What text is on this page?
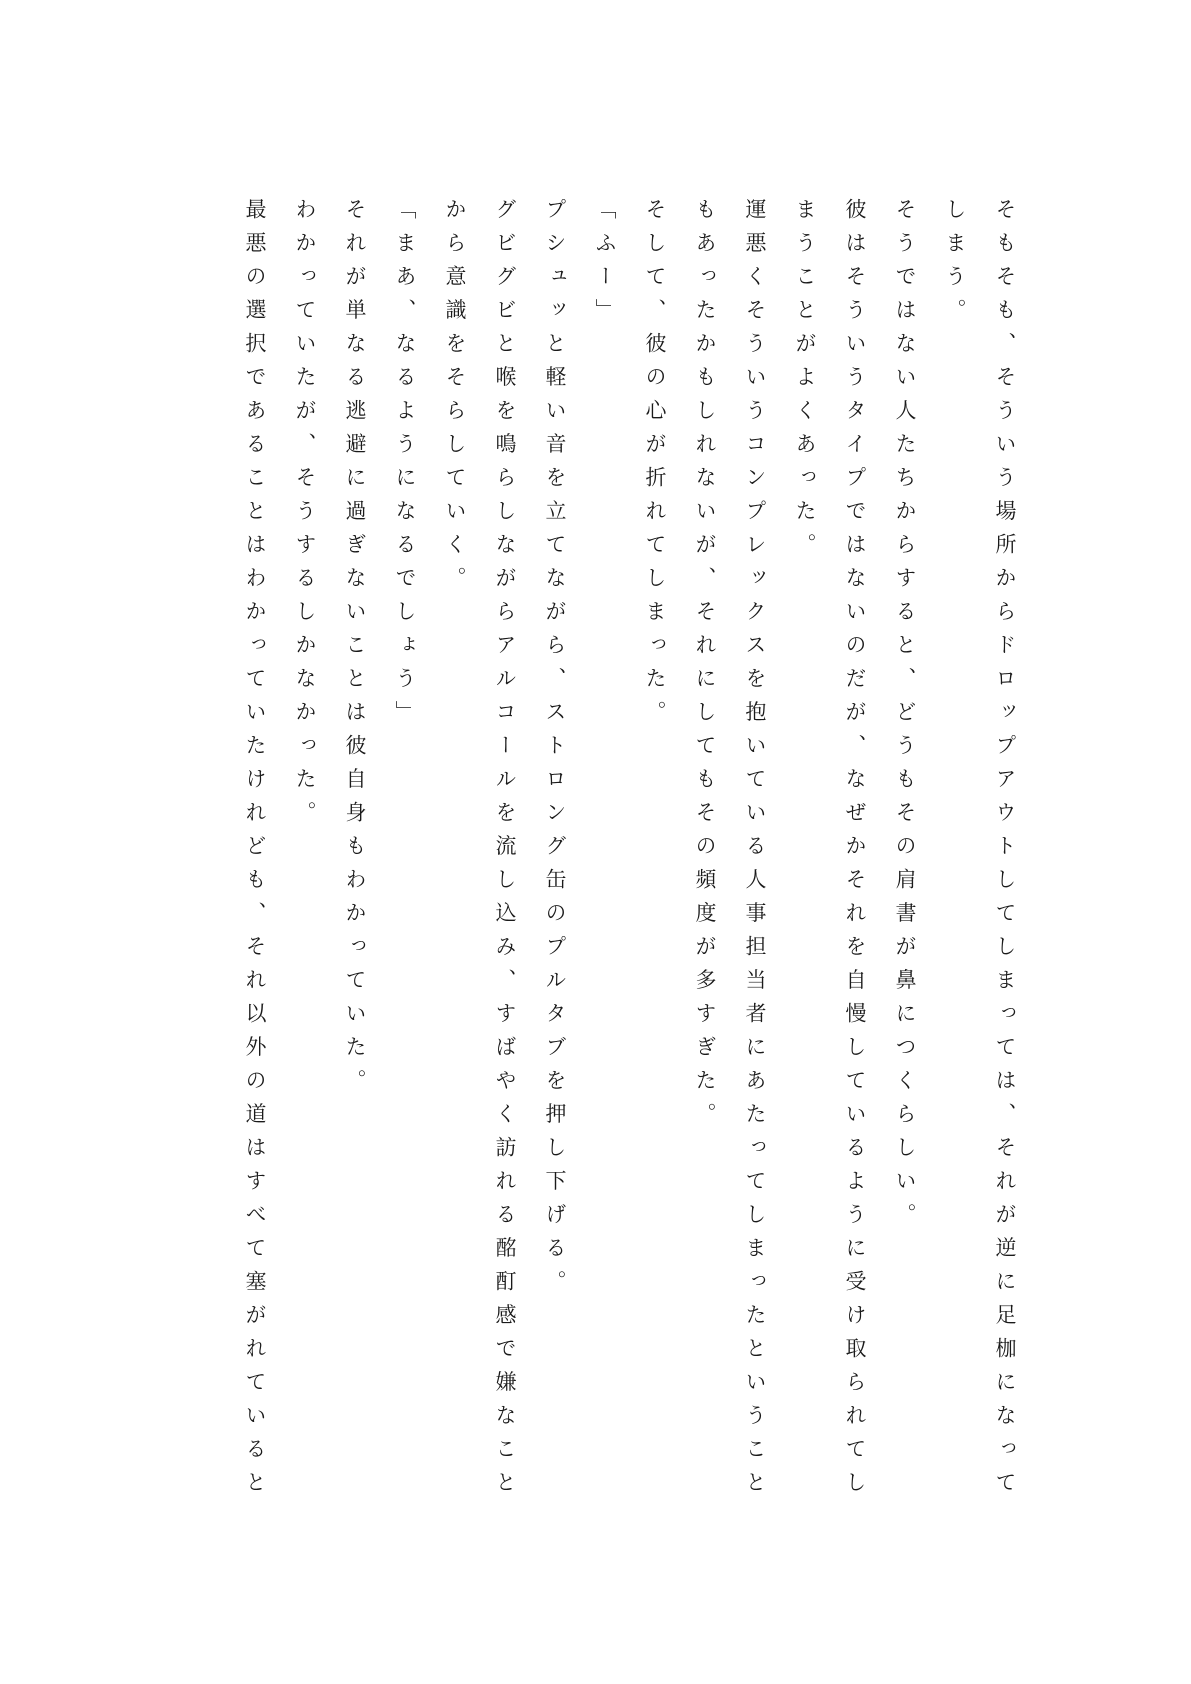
そもそも、そういう場所からドロップアウトしてしまっては、それが逆に足枷になってしまう。

そうではない人たちからすると、どうもその肩書が鼻につくらしい。

彼はそういうタイプではないのだが、なぜかそれを自慢しているように受け取られてしまうことがよくあった。

運悪くそういうコンプレックスを抱いている人事担当者にあたってしまったということもあったかもしれないが、それにしてもその頻度が多すぎた。

そして、彼の心が折れてしまった。

「ふー」

プシュッと軽い音を立てながら、ストロング缶のプルタブを押し下げる。

グビグビと喉を鳴らしながらアルコールを流し込み、すばやく訪れる酩酊感で嫌なことから意識をそらしていく。

「まあ、なるようになるでしょう」

それが単なる逃避に過ぎないことは彼自身もわかっていた。

わかっていたが、そうするしかなかった。

最悪の選択であることはわかっていたけれども、それ以外の道はすべて塞がれていると
